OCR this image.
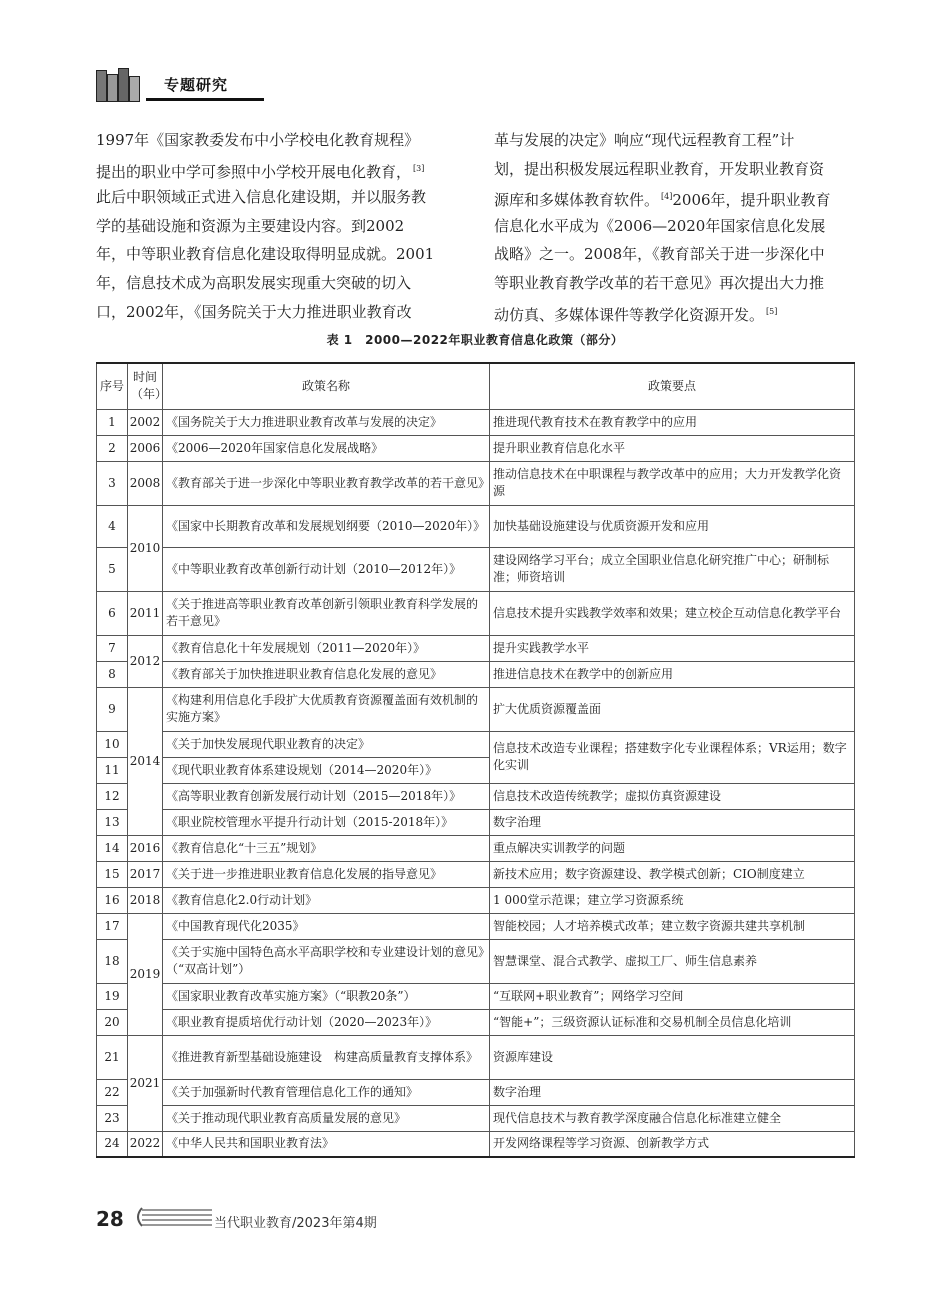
专题研究
1997年《国家教委发布中小学校电化教育规程》
提出的职业中学可参照中小学校开展电化教育， [3]
此后中职领域正式进入信息化建设期，并以服务教
学的基础设施和资源为主要建设内容。到2002
年，中等职业教育信息化建设取得明显成就。2001
年，信息技术成为高职发展实现重大突破的切入
口，2002年，《国务院关于大力推进职业教育改
革与发展的决定》响应“现代远程教育工程”计
划，提出积极发展远程职业教育，开发职业教育资
源库和多媒体教育软件。 [4]2006年，提升职业教育
信息化水平成为《2006—2020年国家信息化发展
战略》之一。2008年，《教育部关于进一步深化中
等职业教育教学改革的若干意见》再次提出大力推
动仿真、多媒体课件等教学化资源开发。 [5]
表 1　2000—2022年职业教育信息化政策（部分）
序号	时间（年）	政策名称	政策要点
1	2002	《国务院关于大力推进职业教育改革与发展的决定》	推进现代教育技术在教育教学中的应用
2	2006	《2006—2020年国家信息化发展战略》	提升职业教育信息化水平
3	2008	《教育部关于进一步深化中等职业教育教学改革的若干意见》	推动信息技术在中职课程与教学改革中的应用；大力开发教学化资源
4	2010	《国家中长期教育改革和发展规划纲要（2010—2020年）》	加快基础设施建设与优质资源开发和应用
5		《中等职业教育改革创新行动计划（2010—2012年）》	建设网络学习平台；成立全国职业信息化研究推广中心；研制标准；师资培训
6	2011	《关于推进高等职业教育改革创新引领职业教育科学发展的若干意见》	信息技术提升实践教学效率和效果；建立校企互动信息化教学平台
7	2012	《教育信息化十年发展规划（2011—2020年）》	提升实践教学水平
8		《教育部关于加快推进职业教育信息化发展的意见》	推进信息技术在教学中的创新应用
9	2014	《构建利用信息化手段扩大优质教育资源覆盖面有效机制的实施方案》	扩大优质资源覆盖面
10		《关于加快发展现代职业教育的决定》	信息技术改造专业课程；搭建数字化专业课程体系；VR运用；数字化实训
11		《现代职业教育体系建设规划（2014—2020年）》	
12		《高等职业教育创新发展行动计划（2015—2018年）》	信息技术改造传统教学；虚拟仿真资源建设
13		《职业院校管理水平提升行动计划（2015-2018年）》	数字治理
14	2016	《教育信息化“十三五”规划》	重点解决实训教学的问题
15	2017	《关于进一步推进职业教育信息化发展的指导意见》	新技术应用；数字资源建设、教学模式创新；CIO制度建立
16	2018	《教育信息化2.0行动计划》	1 000堂示范课；建立学习资源系统
17	2019	《中国教育现代化2035》	智能校园；人才培养模式改革；建立数字资源共建共享机制
18		《关于实施中国特色高水平高职学校和专业建设计划的意见》（“双高计划”）	智慧课堂、混合式教学、虚拟工厂、师生信息素养
19		《国家职业教育改革实施方案》（“职教20条”）	“互联网+职业教育”；网络学习空间
20		《职业教育提质培优行动计划（2020—2023年）》	“智能+”；三级资源认证标准和交易机制全员信息化培训
21	2021	《推进教育新型基础设施建设　构建高质量教育支撑体系》	资源库建设
22		《关于加强新时代教育管理信息化工作的通知》	数字治理
23		《关于推动现代职业教育高质量发展的意见》	现代信息技术与教育教学深度融合信息化标准建立健全
24	2022	《中华人民共和国职业教育法》	开发网络课程等学习资源、创新教学方式
28	当代职业教育/2023年第4期
